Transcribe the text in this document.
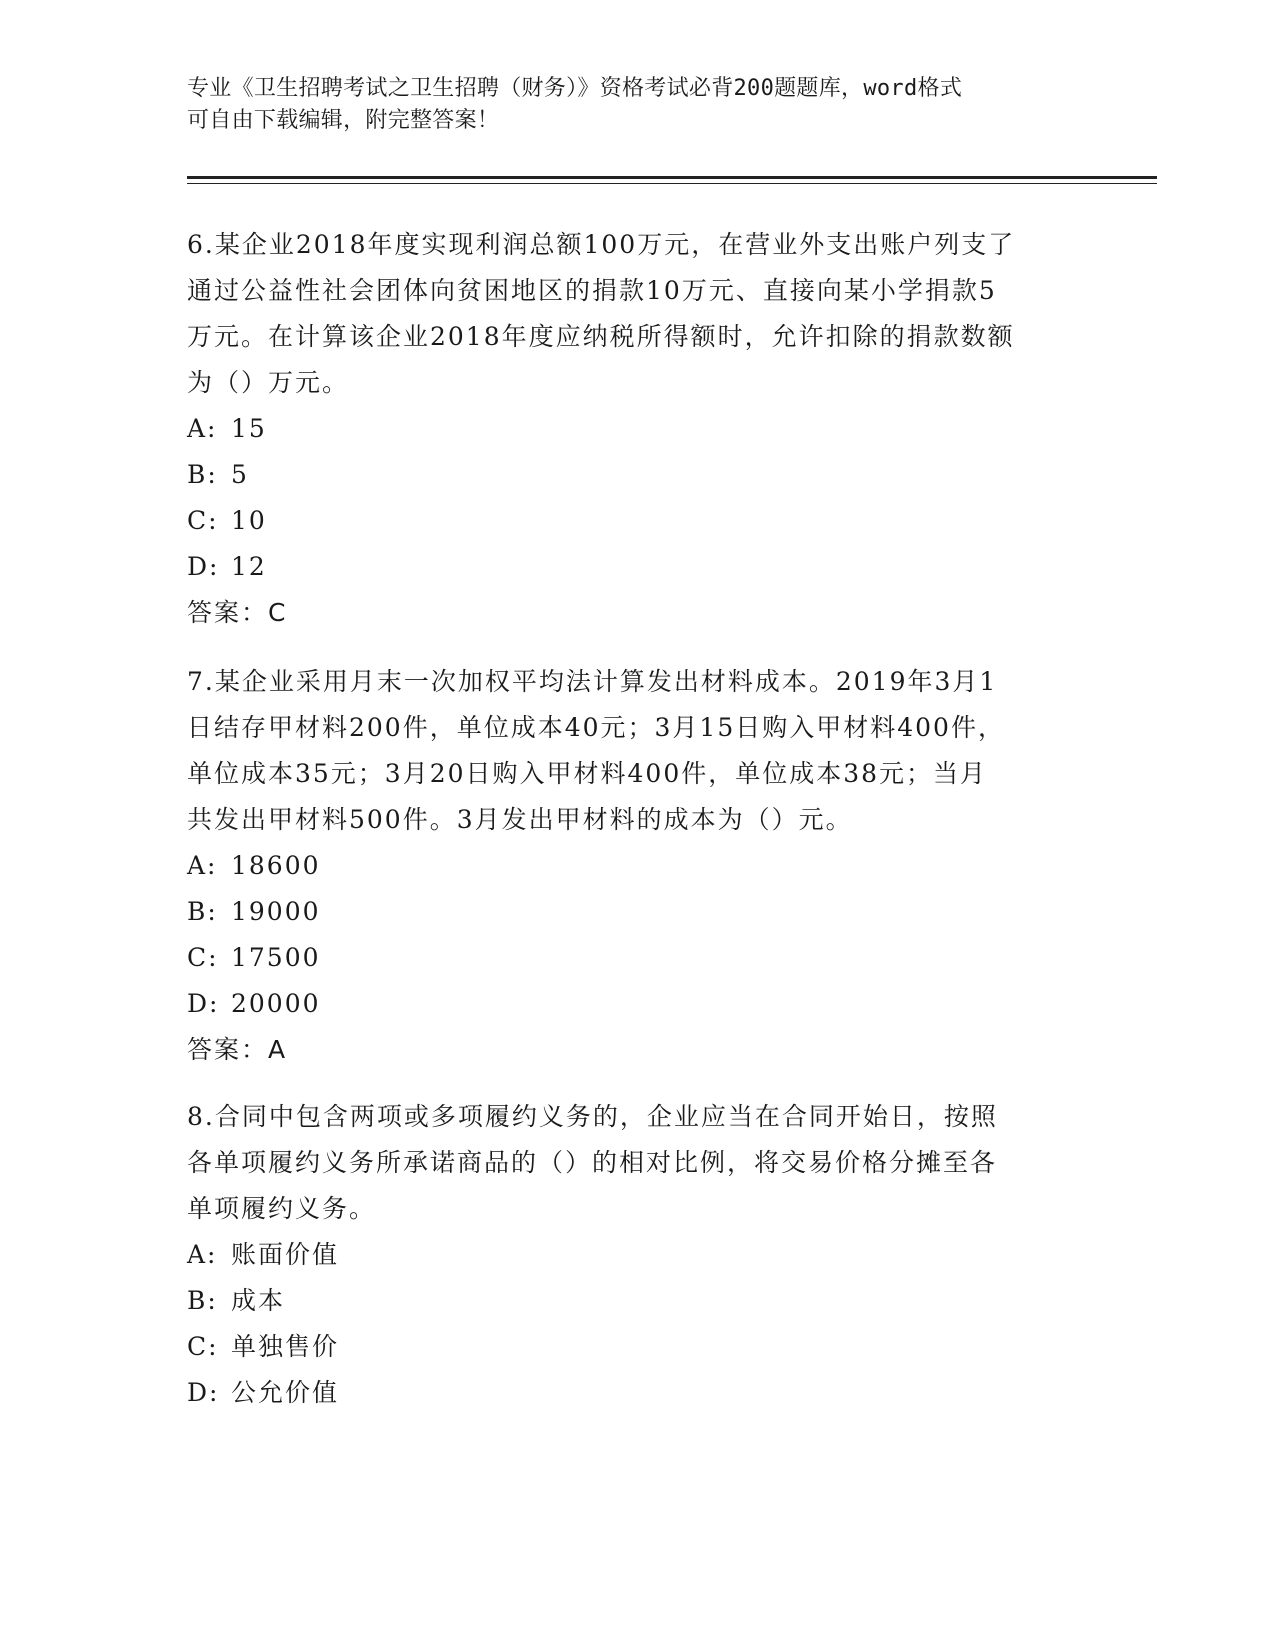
专业《卫生招聘考试之卫生招聘（财务）》资格考试必背200题题库，word格式
可自由下载编辑，附完整答案！

6.某企业2018年度实现利润总额100万元，在营业外支出账户列支了

通过公益性社会团体向贫困地区的捐款10万元、直接向某小学捐款5

万元。在计算该企业2018年度应纳税所得额时，允许扣除的捐款数额

为（）万元。

A: 15

B: 5

C: 10

D: 12

答案：C

7.某企业采用月末一次加权平均法计算发出材料成本。2019年3月1

日结存甲材料200件，单位成本40元；3月15日购入甲材料400件，

单位成本35元；3月20日购入甲材料400件，单位成本38元；当月

共发出甲材料500件。3月发出甲材料的成本为（）元。

A: 18600

B: 19000

C: 17500

D: 20000

答案：A

8.合同中包含两项或多项履约义务的，企业应当在合同开始日，按照

各单项履约义务所承诺商品的（）的相对比例，将交易价格分摊至各

单项履约义务。

A: 账面价值

B: 成本

C: 单独售价

D: 公允价值
